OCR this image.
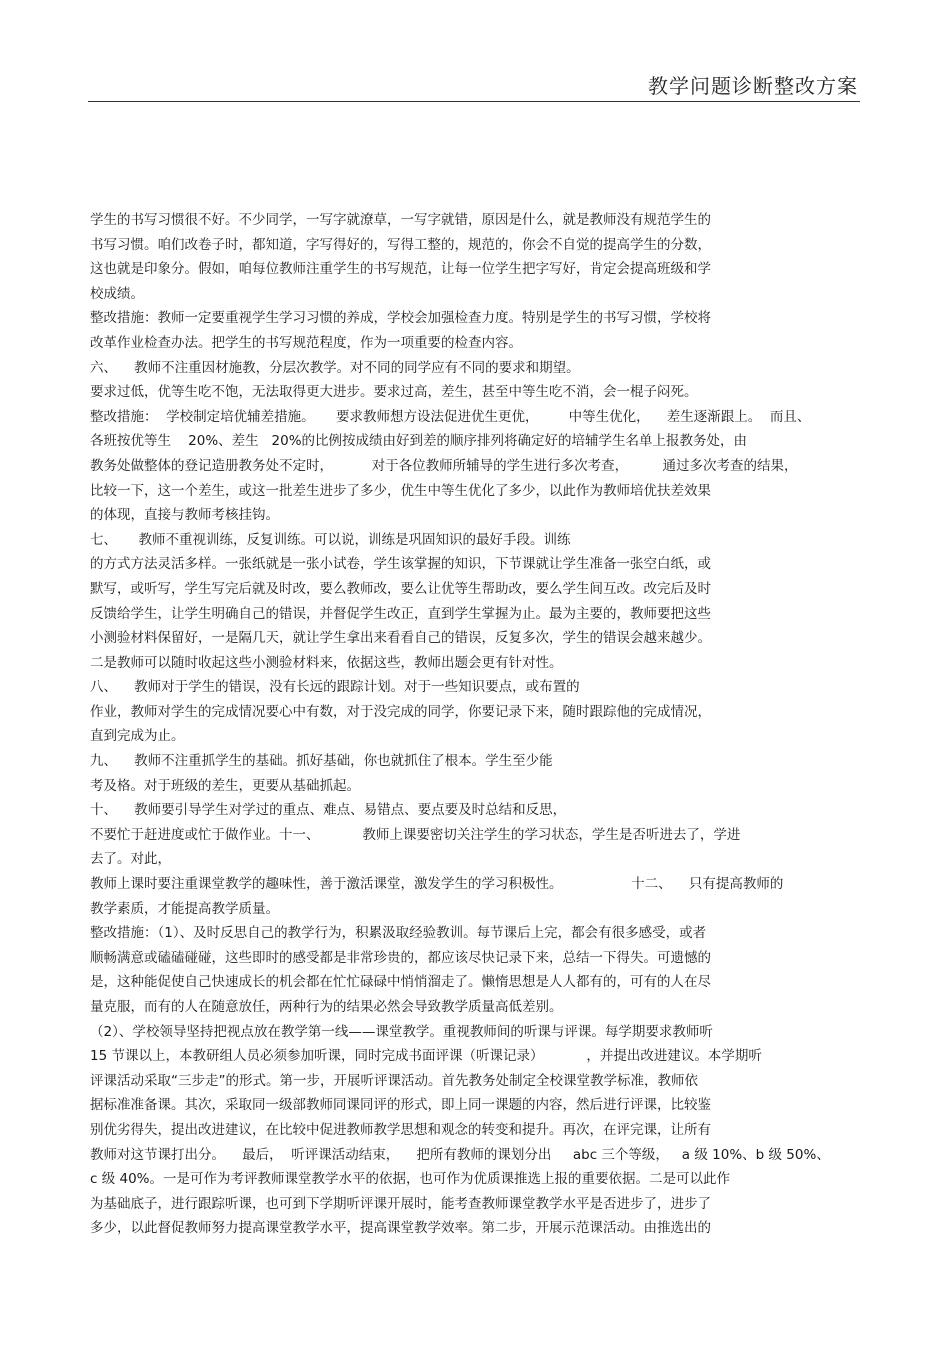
教学问题诊断整改方案
学生的书写习惯很不好。不少同学，一写字就潦草，一写字就错，原因是什么，就是教师没有规范学生的
书写习惯。咱们改卷子时，都知道，字写得好的，写得工整的，规范的，你会不自觉的提高学生的分数，
这也就是印象分。假如，咱每位教师注重学生的书写规范，让每一位学生把字写好，肯定会提高班级和学
校成绩。
整改措施：教师一定要重视学生学习习惯的养成，学校会加强检查力度。特别是学生的书写习惯，学校将
改革作业检查办法。把学生的书写规范程度，作为一项重要的检查内容。
六、    教师不注重因材施教，分层次教学。对不同的同学应有不同的要求和期望。
要求过低，优等生吃不饱，无法取得更大进步。要求过高，差生，甚至中等生吃不消，会一棍子闷死。
整改措施：  学校制定培优辅差措施。     要求教师想方设法促进优生更优，       中等生优化，    差生逐渐跟上。  而且、
各班按优等生    20%、差生   20%的比例按成绩由好到差的顺序排列将确定好的培辅学生名单上报教务处，由
教务处做整体的登记造册教务处不定时，         对于各位教师所辅导的学生进行多次考查，        通过多次考查的结果，
比较一下，这一个差生，或这一批差生进步了多少，优生中等生优化了多少，以此作为教师培优扶差效果
的体现，直接与教师考核挂钩。
七、     教师不重视训练，反复训练。可以说，训练是巩固知识的最好手段。训练
的方式方法灵活多样。一张纸就是一张小试卷，学生该掌握的知识，下节课就让学生准备一张空白纸，或
默写，或听写，学生写完后就及时改，要么教师改，要么让优等生帮助改，要么学生间互改。改完后及时
反馈给学生，让学生明确自己的错误，并督促学生改正，直到学生掌握为止。最为主要的，教师要把这些
小测验材料保留好，一是隔几天，就让学生拿出来看看自己的错误，反复多次，学生的错误会越来越少。
二是教师可以随时收起这些小测验材料来，依据这些，教师出题会更有针对性。
八、    教师对于学生的错误，没有长远的跟踪计划。对于一些知识要点，或布置的
作业，教师对学生的完成情况要心中有数，对于没完成的同学，你要记录下来，随时跟踪他的完成情况，
直到完成为止。
九、    教师不注重抓学生的基础。抓好基础，你也就抓住了根本。学生至少能
考及格。对于班级的差生，更要从基础抓起。
十、    教师要引导学生对学过的重点、难点、易错点、要点要及时总结和反思，
不要忙于赶进度或忙于做作业。十一、          教师上课要密切关注学生的学习状态，学生是否听进去了，学进
去了。对此，
教师上课时要注重课堂教学的趣味性，善于激活课堂，激发学生的学习积极性。                十二、    只有提高教师的
教学素质，才能提高教学质量。
整改措施：（1）、及时反思自己的教学行为，积累汲取经验教训。每节课后上完，都会有很多感受，或者
顺畅满意或磕磕碰碰，这些即时的感受都是非常珍贵的，都应该尽快记录下来，总结一下得失。可遗憾的
是，这种能促使自己快速成长的机会都在忙忙碌碌中悄悄溜走了。懒惰思想是人人都有的，可有的人在尽
量克服，而有的人在随意放任，两种行为的结果必然会导致教学质量高低差别。
（2）、学校领导坚持把视点放在教学第一线——课堂教学。重视教师间的听课与评课。每学期要求教师听
15 节课以上，本教研组人员必须参加听课，同时完成书面评课（听课记录）          ，并提出改进建议。本学期听
评课活动采取“三步走”的形式。第一步，开展听评课活动。首先教务处制定全校课堂教学标准，教师依
据标准准备课。其次，采取同一级部教师同课同评的形式，即上同一课题的内容，然后进行评课，比较鉴
别优劣得失，提出改进建议，在比较中促进教师教学思想和观念的转变和提升。再次，在评完课，让所有
教师对这节课打出分。    最后，  听评课活动结束，    把所有教师的课划分出     abc 三个等级，   a 级 10%、b 级 50%、
c 级 40%。一是可作为考评教师课堂教学水平的依据，也可作为优质课推选上报的重要依据。二是可以此作
为基础底子，进行跟踪听课，也可到下学期听评课开展时，能考查教师课堂教学水平是否进步了，进步了
多少，以此督促教师努力提高课堂教学水平，提高课堂教学效率。第二步，开展示范课活动。由推选出的
